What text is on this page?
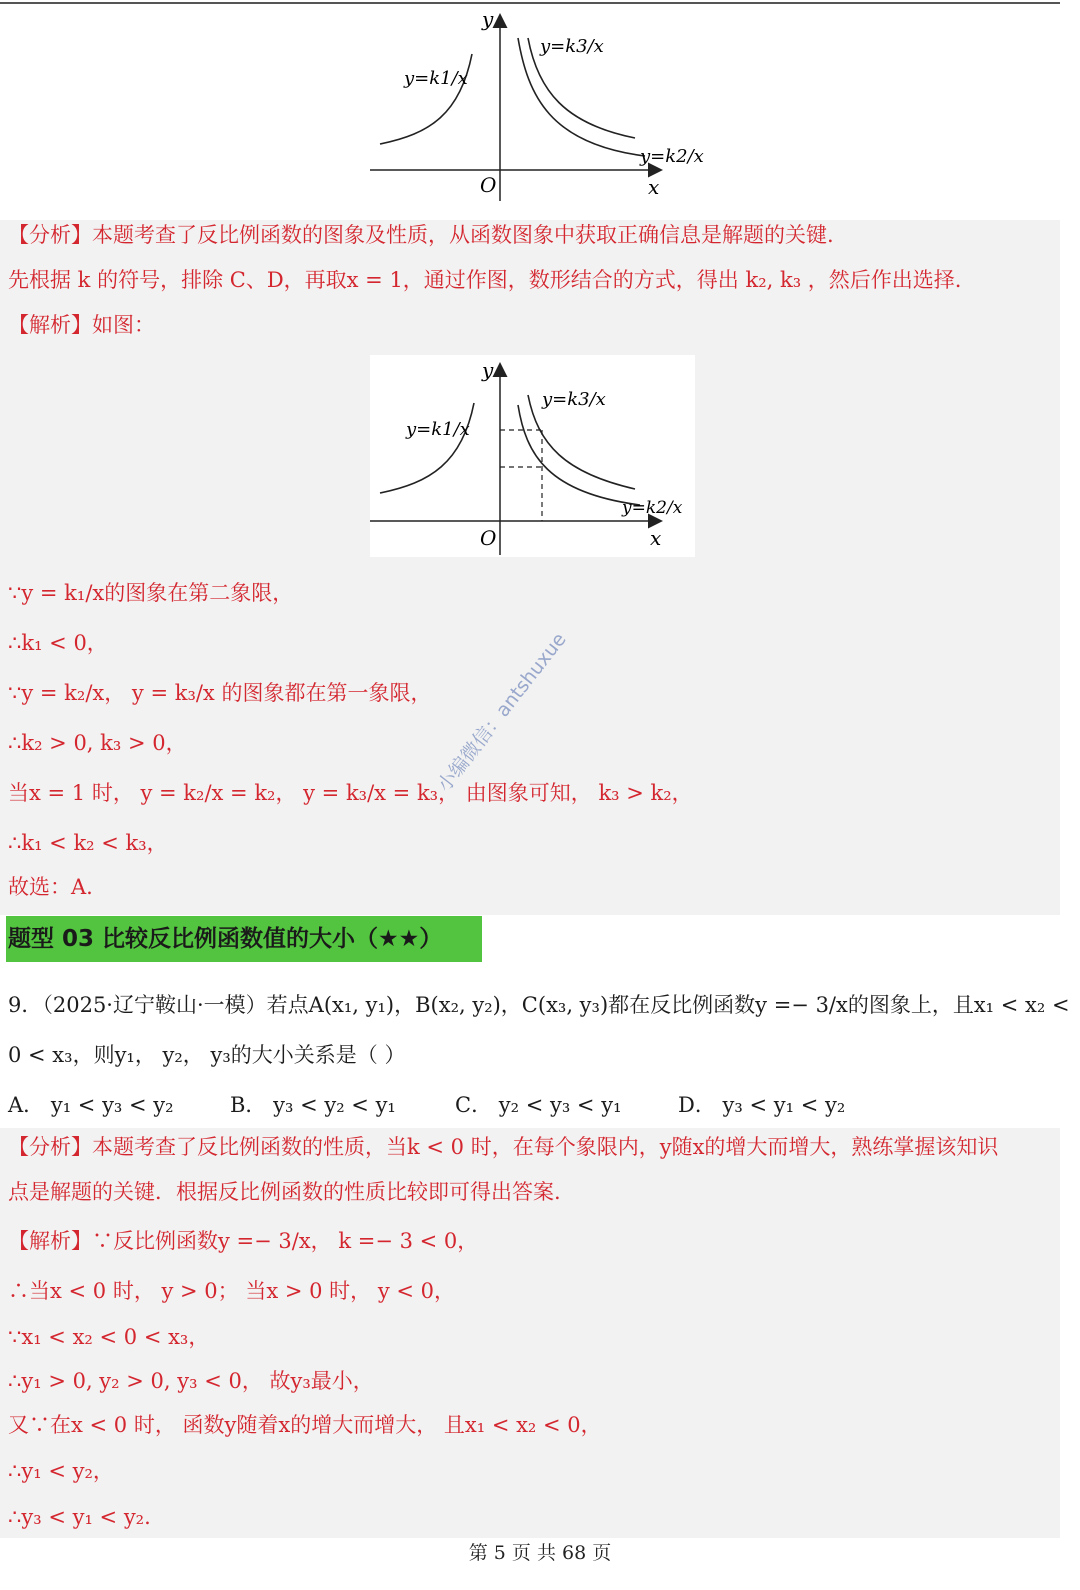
y
x
O
y=k1/x
y=k3/x
y=k2/x
【分析】本题考查了反比例函数的图象及性质，从函数图象中获取正确信息是解题的关键.
先根据 k 的符号，排除 C、D，再取x = 1，通过作图，数形结合的方式，得出 k₂, k₃ ，然后作出选择.
【解析】如图：
y
x
O
y=k1/x
y=k3/x
y=k2/x
∵y = k₁/x的图象在第二象限，
∴k₁ < 0，
∵y = k₂/x， y = k₃/x 的图象都在第一象限，
∴k₂ > 0, k₃ > 0，
当x = 1 时， y = k₂/x = k₂， y = k₃/x = k₃， 由图象可知， k₃ > k₂，
∴k₁ < k₂ < k₃，
故选：A.
小编微信：antshuxue
题型 03 比较反比例函数值的大小（★★）
9．（2025·辽宁鞍山·一模）若点A(x₁, y₁)，B(x₂, y₂)，C(x₃, y₃)都在反比例函数y =− 3/x的图象上，且x₁ < x₂ <
0 < x₃，则y₁， y₂， y₃的大小关系是（ ）
A． y₁ < y₃ < y₂	B． y₃ < y₂ < y₁	C． y₂ < y₃ < y₁	D． y₃ < y₁ < y₂
【分析】本题考查了反比例函数的性质，当k < 0 时，在每个象限内，y随x的增大而增大，熟练掌握该知识
点是解题的关键．根据反比例函数的性质比较即可得出答案.
【解析】∵反比例函数y =− 3/x， k =− 3 < 0，
∴当x < 0 时， y > 0； 当x > 0 时， y < 0，
∵x₁ < x₂ < 0 < x₃，
∴y₁ > 0, y₂ > 0, y₃ < 0， 故y₃最小，
又∵在x < 0 时， 函数y随着x的增大而增大， 且x₁ < x₂ < 0，
∴y₁ < y₂，
∴y₃ < y₁ < y₂.
第 5 页 共 68 页
